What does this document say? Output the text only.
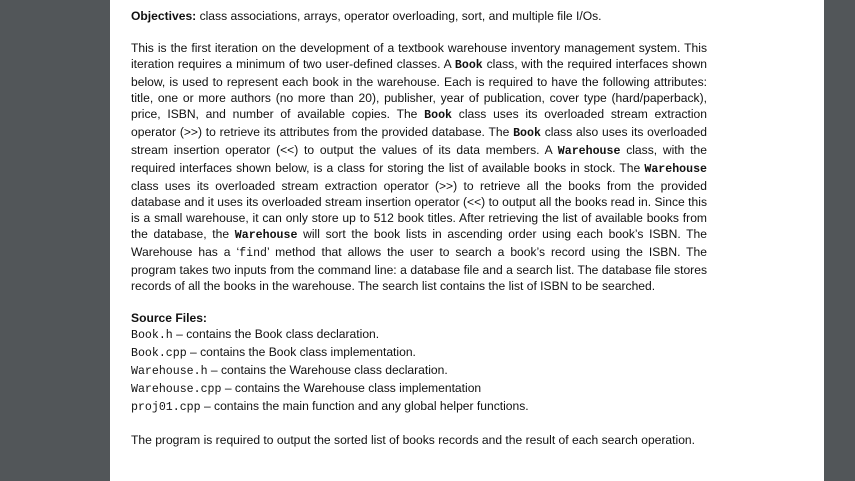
Objectives: class associations, arrays, operator overloading, sort, and multiple file I/Os.

This is the first iteration on the development of a textbook warehouse inventory management system. This iteration requires a minimum of two user-defined classes. A Book class, with the required interfaces shown below, is used to represent each book in the warehouse. Each is required to have the following attributes: title, one or more authors (no more than 20), publisher, year of publication, cover type (hard/paperback), price, ISBN, and number of available copies. The Book class uses its overloaded stream extraction operator (>>) to retrieve its attributes from the provided database. The Book class also uses its overloaded stream insertion operator (<<) to output the values of its data members. A Warehouse class, with the required interfaces shown below, is a class for storing the list of available books in stock. The Warehouse class uses its overloaded stream extraction operator (>>) to retrieve all the books from the provided database and it uses its overloaded stream insertion operator (<<) to output all the books read in. Since this is a small warehouse, it can only store up to 512 book titles. After retrieving the list of available books from the database, the Warehouse will sort the book lists in ascending order using each book’s ISBN. The Warehouse has a ‘find’ method that allows the user to search a book’s record using the ISBN. The program takes two inputs from the command line: a database file and a search list. The database file stores records of all the books in the warehouse. The search list contains the list of ISBN to be searched.

Source Files:

Book.h – contains the Book class declaration.

Book.cpp – contains the Book class implementation.

Warehouse.h – contains the Warehouse class declaration.

Warehouse.cpp – contains the Warehouse class implementation

proj01.cpp – contains the main function and any global helper functions.

The program is required to output the sorted list of books records and the result of each search operation.
